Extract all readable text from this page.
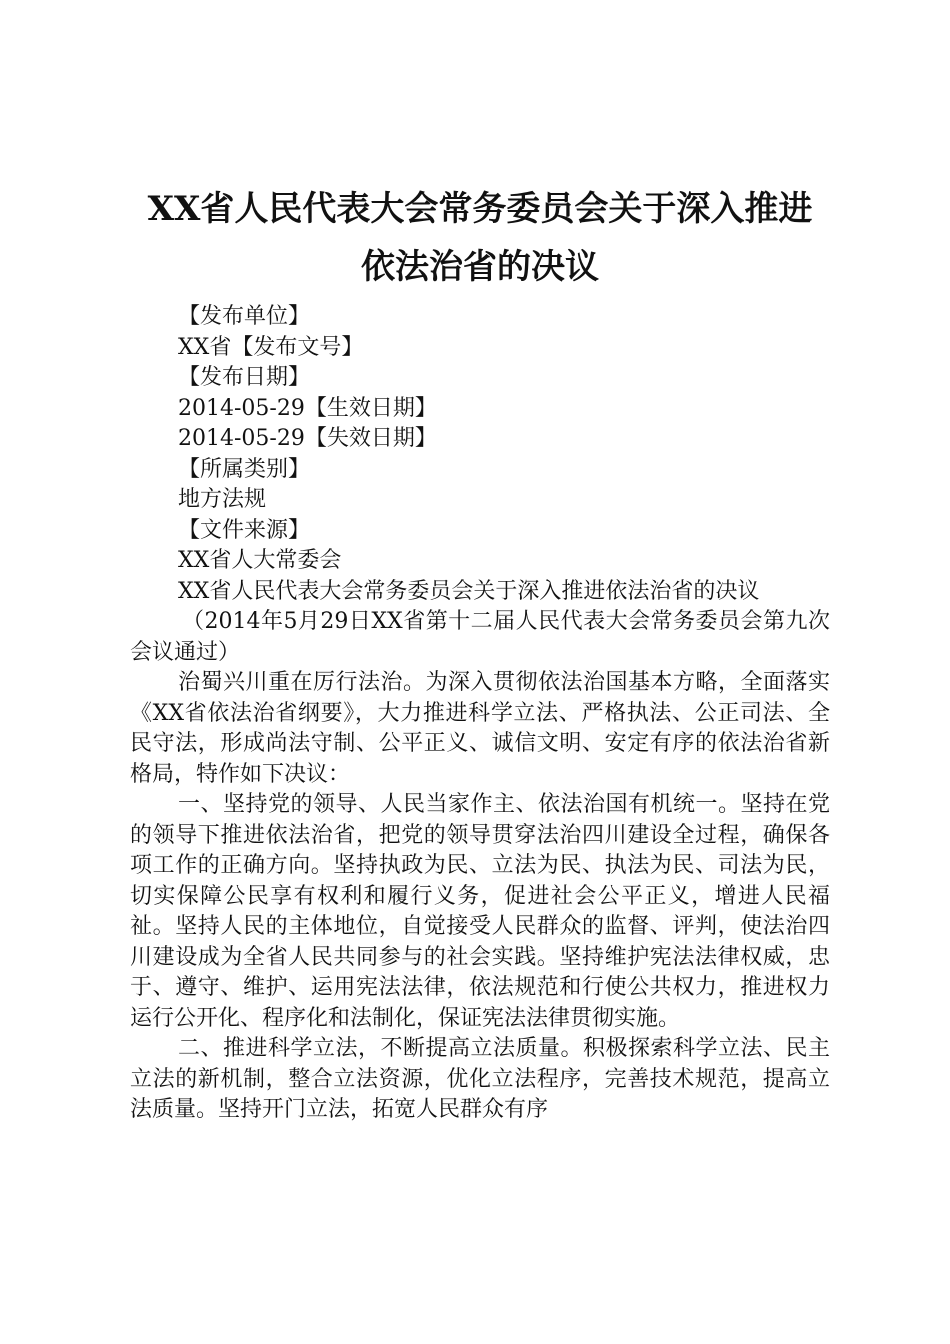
XX省人民代表大会常务委员会关于深入推进
依法治省的决议
【发布单位】
XX省【发布文号】
【发布日期】
2014-05-29【生效日期】
2014-05-29【失效日期】
【所属类别】
地方法规
【文件来源】
XX省人大常委会

XX省人民代表大会常务委员会关于深入推进依法治省的决议

（2014年5月29日XX省第十二届人民代表大会常务委员会第九次会议通过）

治蜀兴川重在厉行法治。为深入贯彻依法治国基本方略，全面落实《XX省依法治省纲要》，大力推进科学立法、严格执法、公正司法、全民守法，形成尚法守制、公平正义、诚信文明、安定有序的依法治省新格局，特作如下决议：

一、坚持党的领导、人民当家作主、依法治国有机统一。坚持在党的领导下推进依法治省，把党的领导贯穿法治四川建设全过程，确保各项工作的正确方向。坚持执政为民、立法为民、执法为民、司法为民，切实保障公民享有权利和履行义务，促进社会公平正义，增进人民福祉。坚持人民的主体地位，自觉接受人民群众的监督、评判，使法治四川建设成为全省人民共同参与的社会实践。坚持维护宪法法律权威，忠于、遵守、维护、运用宪法法律，依法规范和行使公共权力，推进权力运行公开化、程序化和法制化，保证宪法法律贯彻实施。

二、推进科学立法，不断提高立法质量。积极探索科学立法、民主立法的新机制，整合立法资源，优化立法程序，完善技术规范，提高立法质量。坚持开门立法，拓宽人民群众有序
